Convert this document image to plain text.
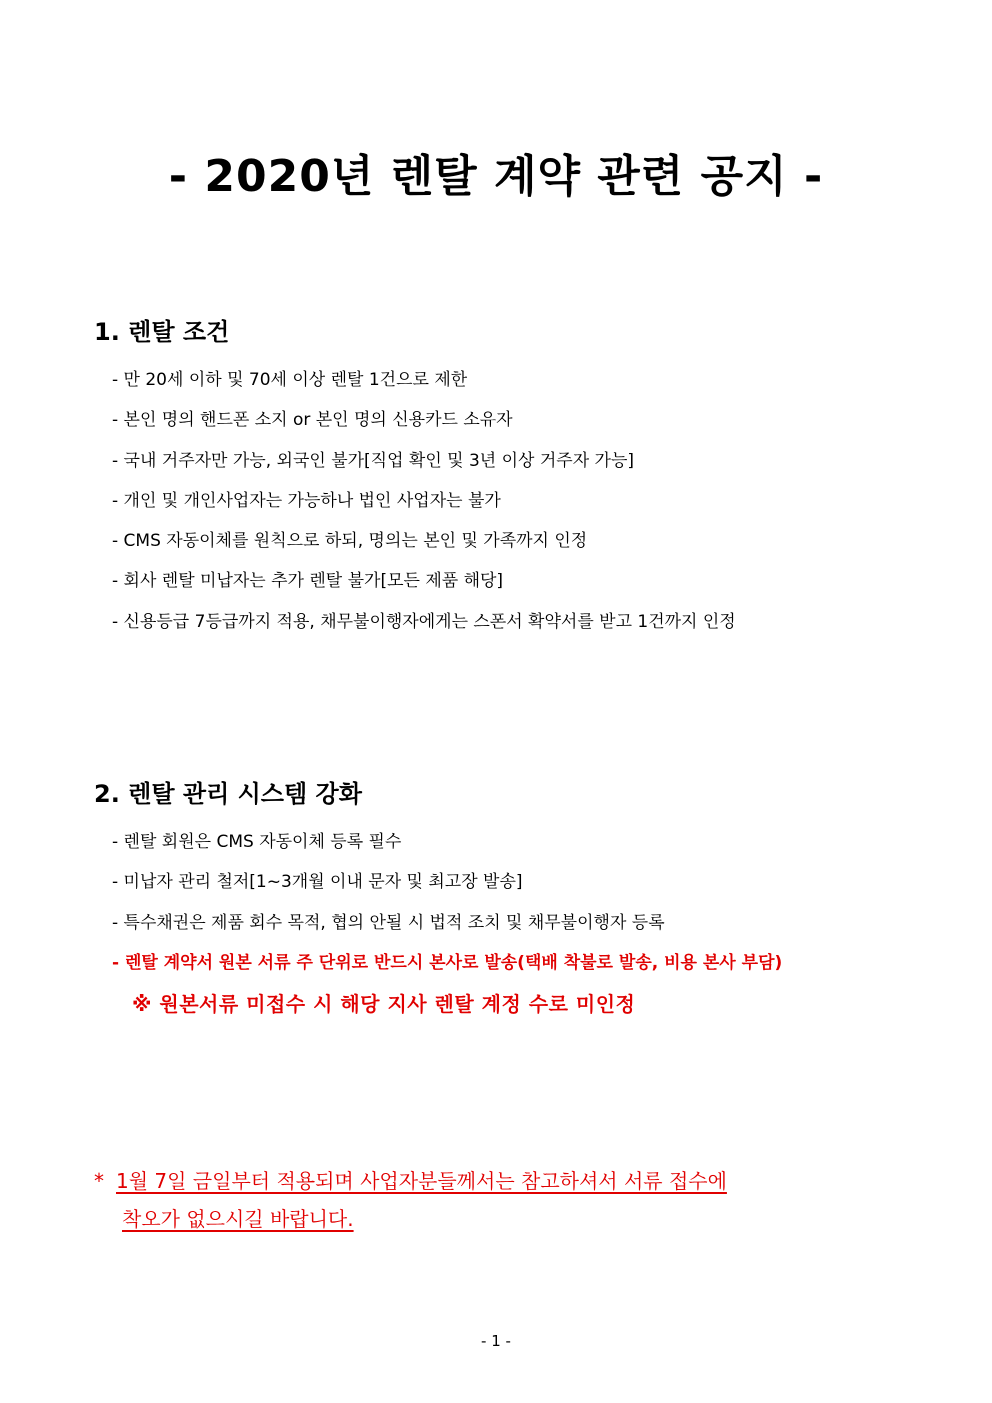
- 2020년 렌탈 계약 관련 공지 -
1. 렌탈 조건
- 만 20세 이하 및 70세 이상 렌탈 1건으로 제한
- 본인 명의 핸드폰 소지 or 본인 명의 신용카드 소유자
- 국내 거주자만 가능, 외국인 불가[직업 확인 및 3년 이상 거주자 가능]
- 개인 및 개인사업자는 가능하나 법인 사업자는 불가
- CMS 자동이체를 원칙으로 하되, 명의는 본인 및 가족까지 인정
- 회사 렌탈 미납자는 추가 렌탈 불가[모든 제품 해당]
- 신용등급 7등급까지 적용, 채무불이행자에게는 스폰서 확약서를 받고 1건까지 인정
2. 렌탈 관리 시스템 강화
- 렌탈 회원은 CMS 자동이체 등록 필수
- 미납자 관리 철저[1~3개월 이내 문자 및 최고장 발송]
- 특수채권은 제품 회수 목적, 협의 안될 시 법적 조치 및 채무불이행자 등록
- 렌탈 계약서 원본 서류 주 단위로 반드시 본사로 발송(택배 착불로 발송, 비용 본사 부담)
※ 원본서류 미접수 시 해당 지사 렌탈 계정 수로 미인정
* 1월 7일 금일부터 적용되며 사업자분들께서는 참고하셔서 서류 접수에
착오가 없으시길 바랍니다.
- 1 -
